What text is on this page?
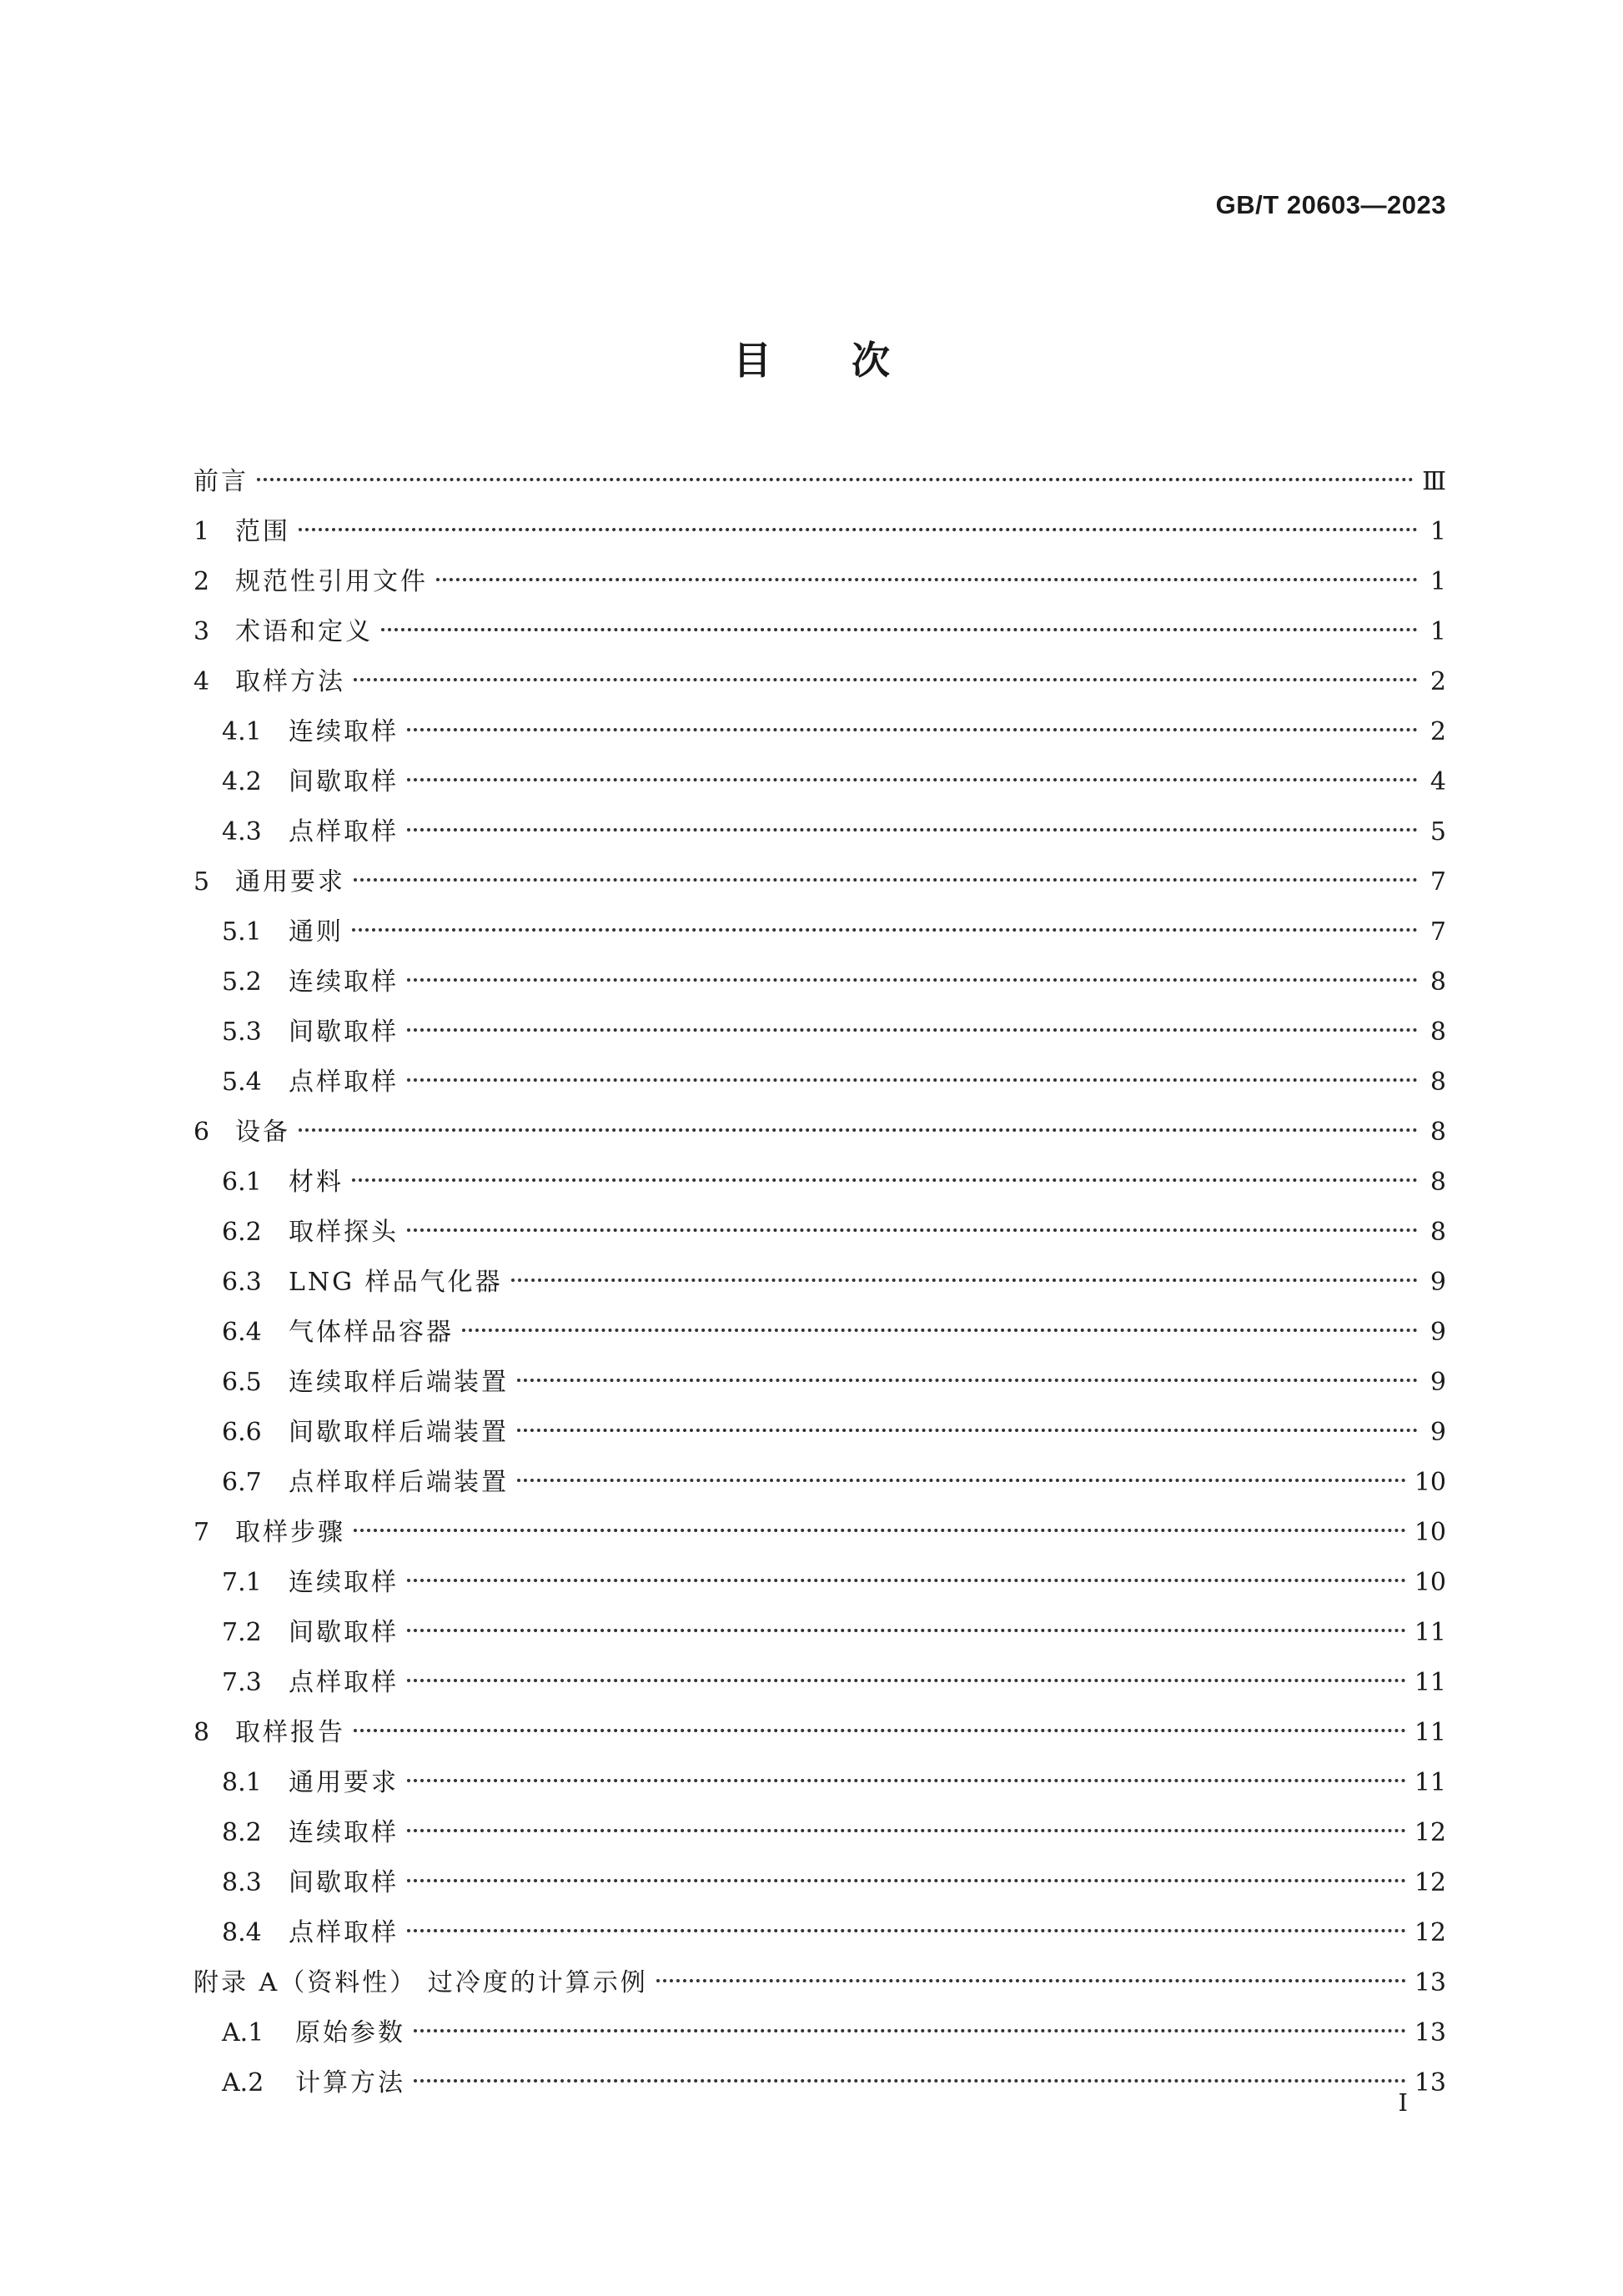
GB/T 20603—2023
目次
前言	Ⅲ
1	范围	1
2	规范性引用文件	1
3	术语和定义	1
4	取样方法	2
4.1	连续取样	2
4.2	间歇取样	4
4.3	点样取样	5
5	通用要求	7
5.1	通则	7
5.2	连续取样	8
5.3	间歇取样	8
5.4	点样取样	8
6	设备	8
6.1	材料	8
6.2	取样探头	8
6.3	LNG 样品气化器	9
6.4	气体样品容器	9
6.5	连续取样后端装置	9
6.6	间歇取样后端装置	9
6.7	点样取样后端装置	10
7	取样步骤	10
7.1	连续取样	10
7.2	间歇取样	11
7.3	点样取样	11
8	取样报告	11
8.1	通用要求	11
8.2	连续取样	12
8.3	间歇取样	12
8.4	点样取样	12
附录 A（资料性） 过冷度的计算示例	13
A.1	原始参数	13
A.2	计算方法	13
I
